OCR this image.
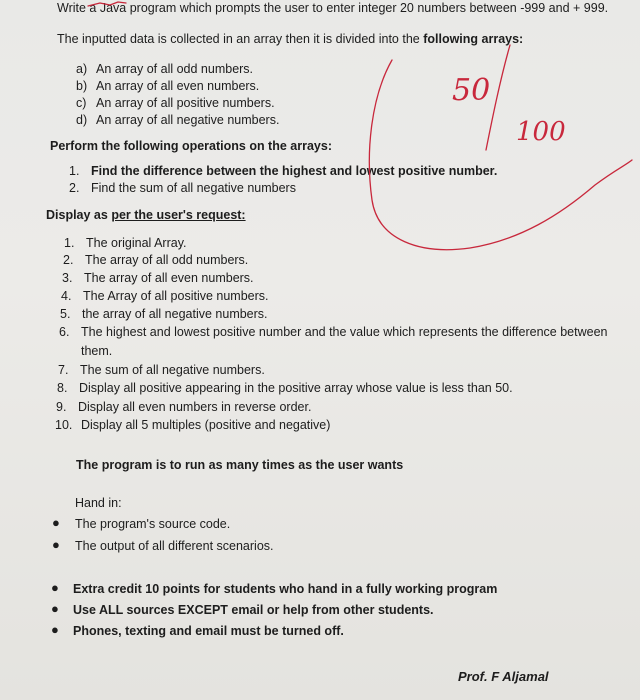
Write a Java program which prompts the user to enter integer 20 numbers between -999 and + 999.
The inputted data is collected in an array then it is divided into the following arrays:
a) An array of all odd numbers.
b) An array of all even numbers.
c) An array of all positive numbers.
d) An array of all negative numbers.
Perform the following operations on the arrays:
1. Find the difference between the highest and lowest positive number.
2. Find the sum of all negative numbers
Display as per the user's request:
1. The original Array.
2. The array of all odd numbers.
3. The array of all even numbers.
4. The Array of all positive numbers.
5. the array of all negative numbers.
6. The highest and lowest positive number and the value which represents the difference between
them.
7. The sum of all negative numbers.
8. Display all positive appearing in the positive array whose value is less than 50.
9. Display all even numbers in reverse order.
10. Display all 5 multiples (positive and negative)
The program is to run as many times as the user wants
Hand in:
● The program's source code.
● The output of all different scenarios.
● Extra credit 10 points for students who hand in a fully working program
● Use ALL sources EXCEPT email or help from other students.
● Phones, texting and email must be turned off.
Prof. F Aljamal
50
100
